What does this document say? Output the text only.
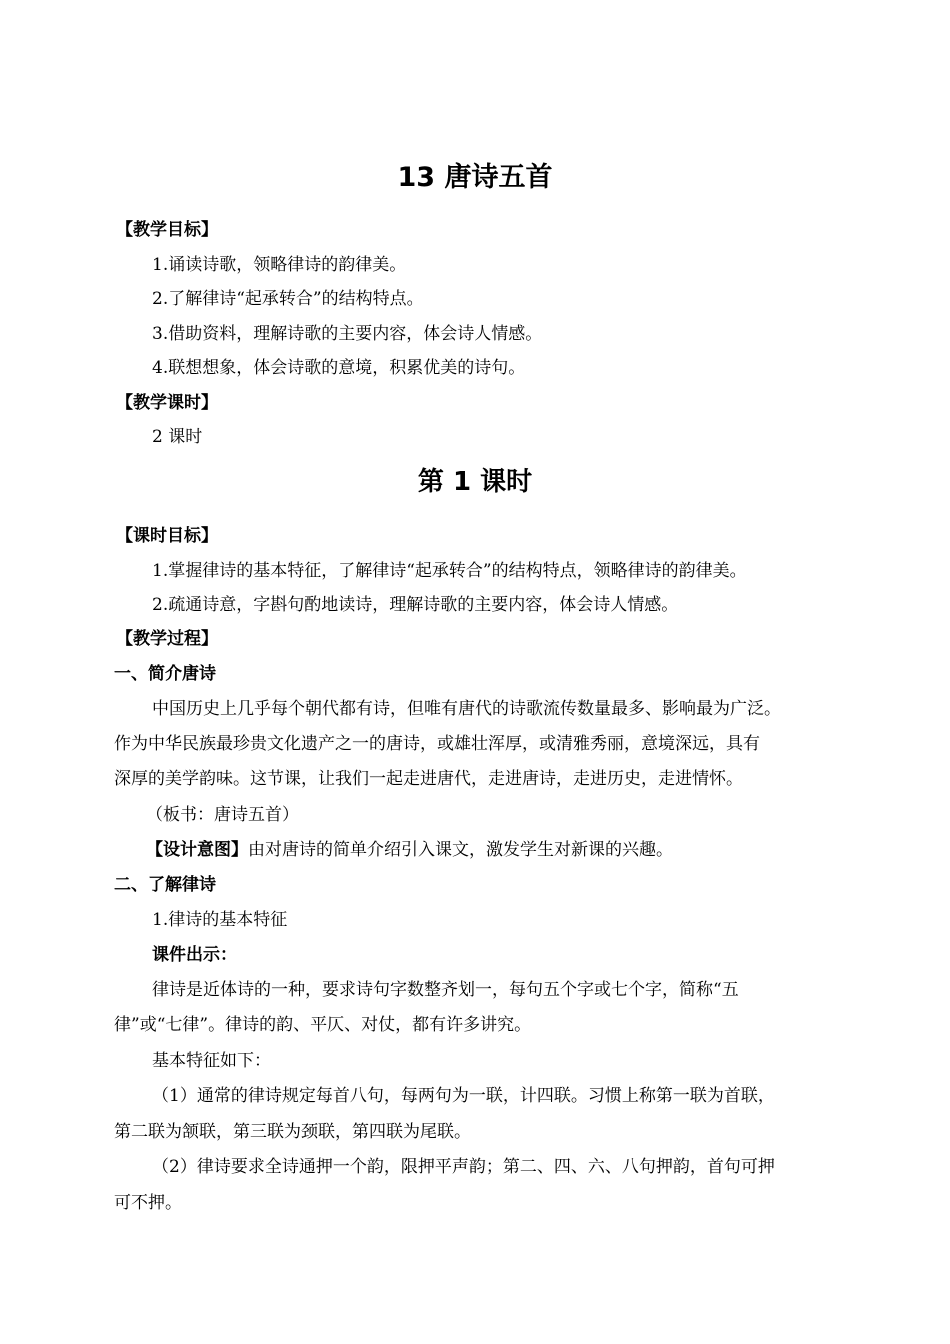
13 唐诗五首
【教学目标】
1.诵读诗歌，领略律诗的韵律美。
2.了解律诗“起承转合”的结构特点。
3.借助资料，理解诗歌的主要内容，体会诗人情感。
4.联想想象，体会诗歌的意境，积累优美的诗句。
【教学课时】
2 课时
第 1 课时
【课时目标】
1.掌握律诗的基本特征，了解律诗“起承转合”的结构特点，领略律诗的韵律美。
2.疏通诗意，字斟句酌地读诗，理解诗歌的主要内容，体会诗人情感。
【教学过程】
一、简介唐诗
中国历史上几乎每个朝代都有诗，但唯有唐代的诗歌流传数量最多、影响最为广泛。
作为中华民族最珍贵文化遗产之一的唐诗，或雄壮浑厚，或清雅秀丽，意境深远，具有
深厚的美学韵味。这节课，让我们一起走进唐代，走进唐诗，走进历史，走进情怀。
（板书：唐诗五首）
【设计意图】由对唐诗的简单介绍引入课文，激发学生对新课的兴趣。
二、了解律诗
1.律诗的基本特征
课件出示：
律诗是近体诗的一种，要求诗句字数整齐划一，每句五个字或七个字，简称“五
律”或“七律”。律诗的韵、平仄、对仗，都有许多讲究。
基本特征如下：
（1）通常的律诗规定每首八句，每两句为一联，计四联。习惯上称第一联为首联，
第二联为颔联，第三联为颈联，第四联为尾联。
（2）律诗要求全诗通押一个韵，限押平声韵；第二、四、六、八句押韵，首句可押
可不押。
